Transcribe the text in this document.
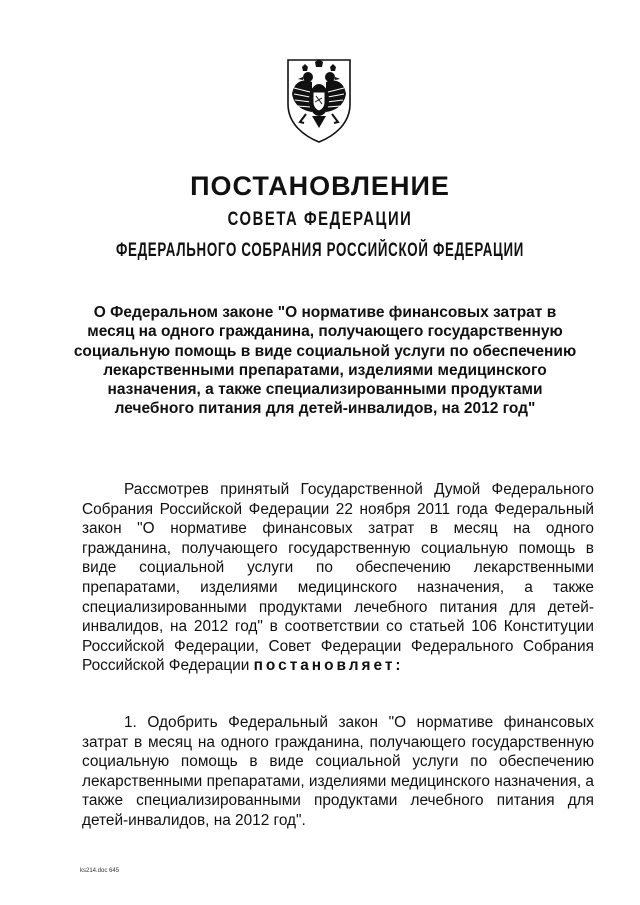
ПОСТАНОВЛЕНИЕ
СОВЕТА ФЕДЕРАЦИИ
ФЕДЕРАЛЬНОГО СОБРАНИЯ РОССИЙСКОЙ ФЕДЕРАЦИИ
О Федеральном законе "О нормативе финансовых затрат в месяц на одного гражданина, получающего государственную социальную помощь в виде социальной услуги по обеспечению лекарственными препаратами, изделиями медицинского назначения, а также специализированными продуктами лечебного питания для детей-инвалидов, на 2012 год"
Рассмотрев принятый Государственной Думой Федерального Собрания Российской Федерации 22 ноября 2011 года Федеральный закон "О нормативе финансовых затрат в месяц на одного гражданина, получающего государственную социальную помощь в виде социальной услуги по обеспечению лекарственными препаратами, изделиями медицинского назначения, а также специализированными продуктами лечебного питания для детей-инвалидов, на 2012 год" в соответствии со статьей 106 Конституции Российской Федерации, Совет Федерации Федерального Собрания Российской Федерации постановляет:
1. Одобрить Федеральный закон "О нормативе финансовых затрат в месяц на одного гражданина, получающего государственную социальную помощь в виде социальной услуги по обеспечению лекарственными препаратами, изделиями медицинского назначения, а также специализированными продуктами лечебного питания для детей-инвалидов, на 2012 год".
ks214.doc 645
